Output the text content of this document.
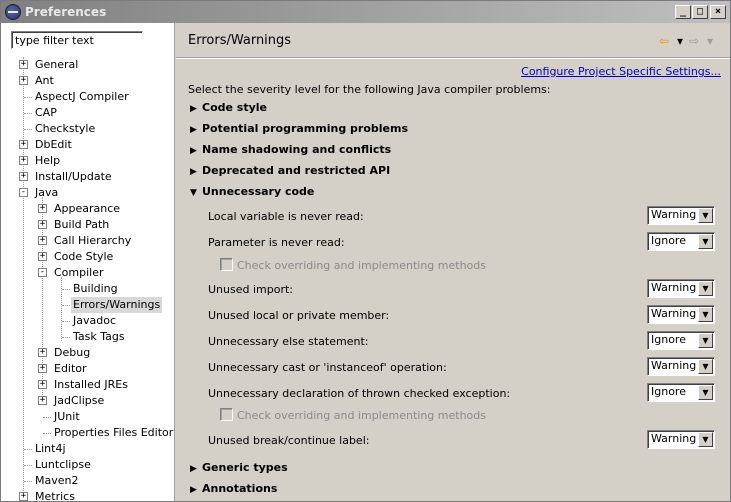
Preferences	_	□	×
type filter text
+ General
+ Ant
AspectJ Compiler
CAP
Checkstyle
+ DbEdit
+ Help
+ Install/Update
- Java
+ Appearance
+ Build Path
+ Call Hierarchy
+ Code Style
- Compiler
Building
Errors/Warnings
Javadoc
Task Tags
+ Debug
+ Editor
+ Installed JREs
+ JadClipse
JUnit
Properties Files Editor
Lint4j
Luntclipse
Maven2
+ Metrics
Errors/Warnings	⇦ ▾ ⇨ ▾
Configure Project Specific Settings...
Select the severity level for the following Java compiler problems:
▶ Code style
▶ Potential programming problems
▶ Name shadowing and conflicts
▶ Deprecated and restricted API
▼ Unnecessary code
Local variable is never read:	Warning ▼
Parameter is never read:	Ignore	▼
Check overriding and implementing methods
Unused import:	Warning ▼
Unused local or private member:	Warning ▼
Unnecessary else statement:	Ignore	▼
Unnecessary cast or 'instanceof' operation:	Warning ▼
Unnecessary declaration of thrown checked exception:	Ignore	▼
Check overriding and implementing methods
Unused break/continue label:	Warning ▼
▶ Generic types
▶ Annotations
